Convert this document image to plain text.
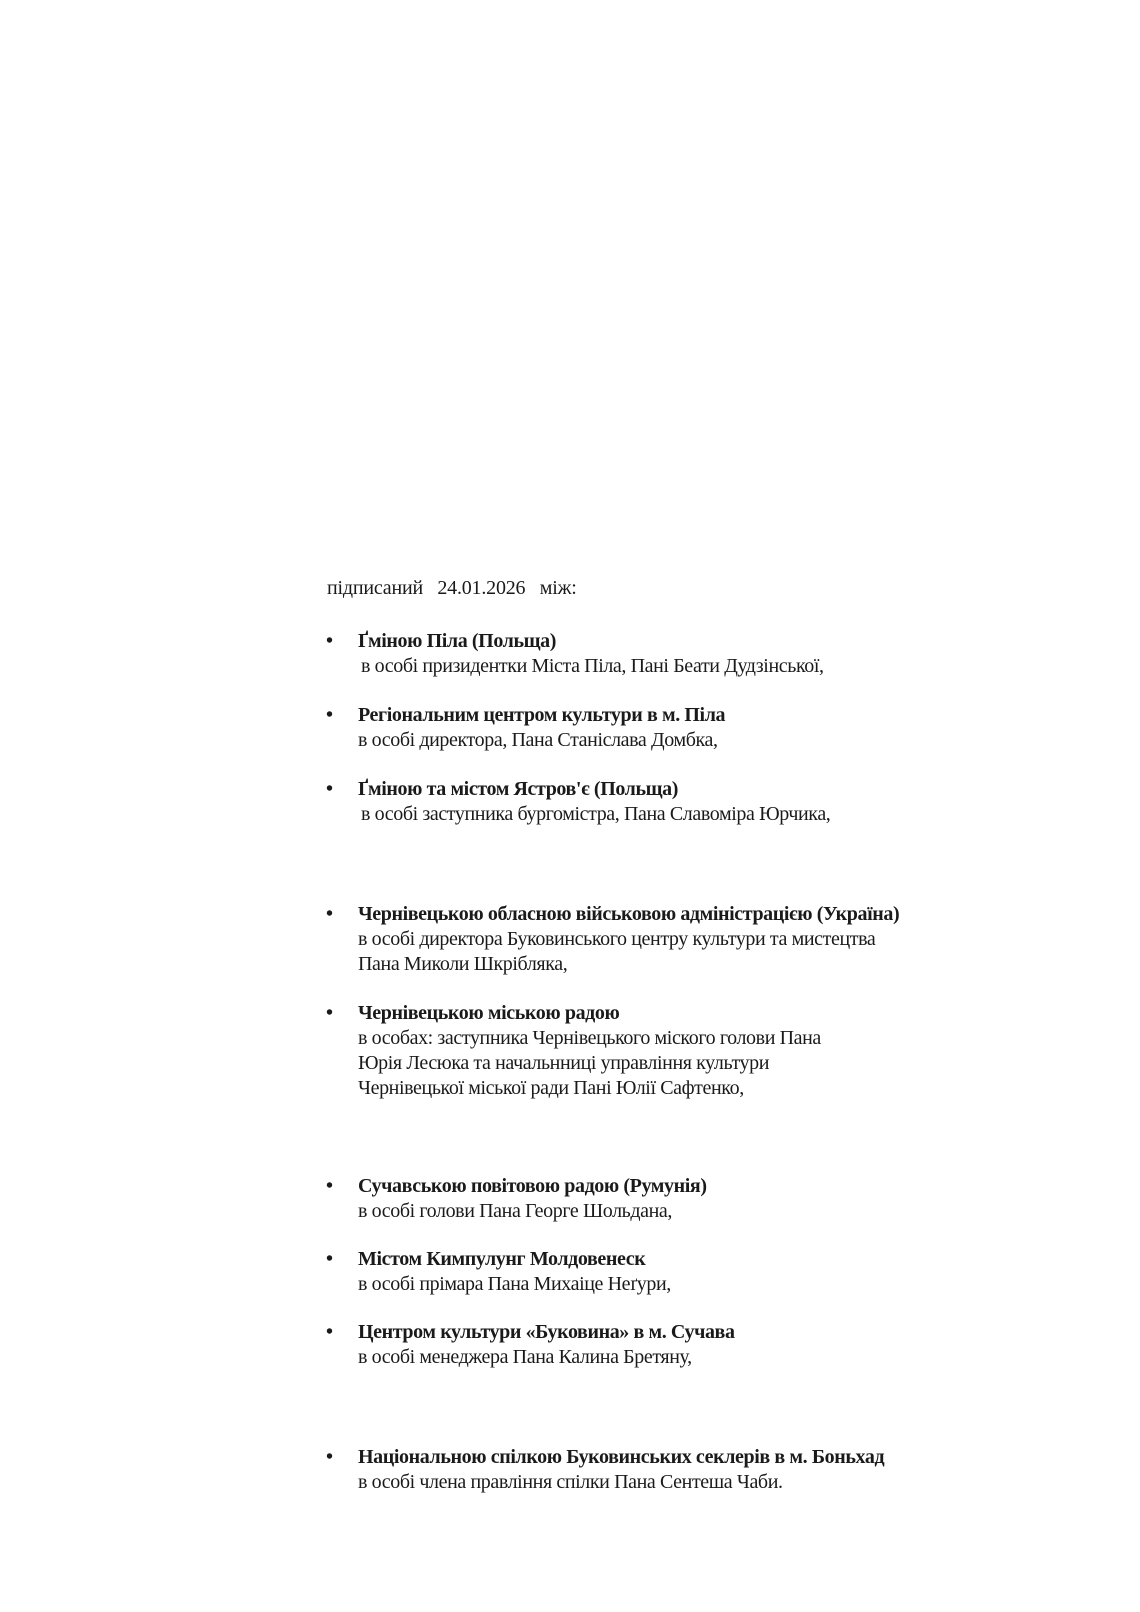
підписаний 24.01.2026 між:
• Ґміною Піла (Польща)
в особі призидентки Міста Піла, Пані Беати Дудзінської,
• Регіональним центром культури в м. Піла
в особі директора, Пана Станіслава Домбка,
• Ґміною та містом Ястров'є (Польща)
в особі заступника бургомістра, Пана Славоміра Юрчика,
• Чернівецькою обласною військовою адміністрацією (Україна)
в особі директора Буковинського центру культури та мистецтва
Пана Миколи Шкрібляка,
• Чернівецькою міською радою
в особах: заступника Чернівецького міского голови Пана
Юрія Лесюка та начальнниці управління культури
Чернівецької міської ради Пані Юлії Сафтенко,
• Сучавською повітовою радою (Румунія)
в особі голови Пана Георге Шольдана,
• Містом Кимпулунг Молдовенеск
в особі прімара Пана Михаіце Неґури,
• Центром культури «Буковина» в м. Сучава
в особі менеджера Пана Калина Бретяну,
• Національною спілкою Буковинських секлерів в м. Боньхад
в особі члена правління спілки Пана Сентеша Чаби.
